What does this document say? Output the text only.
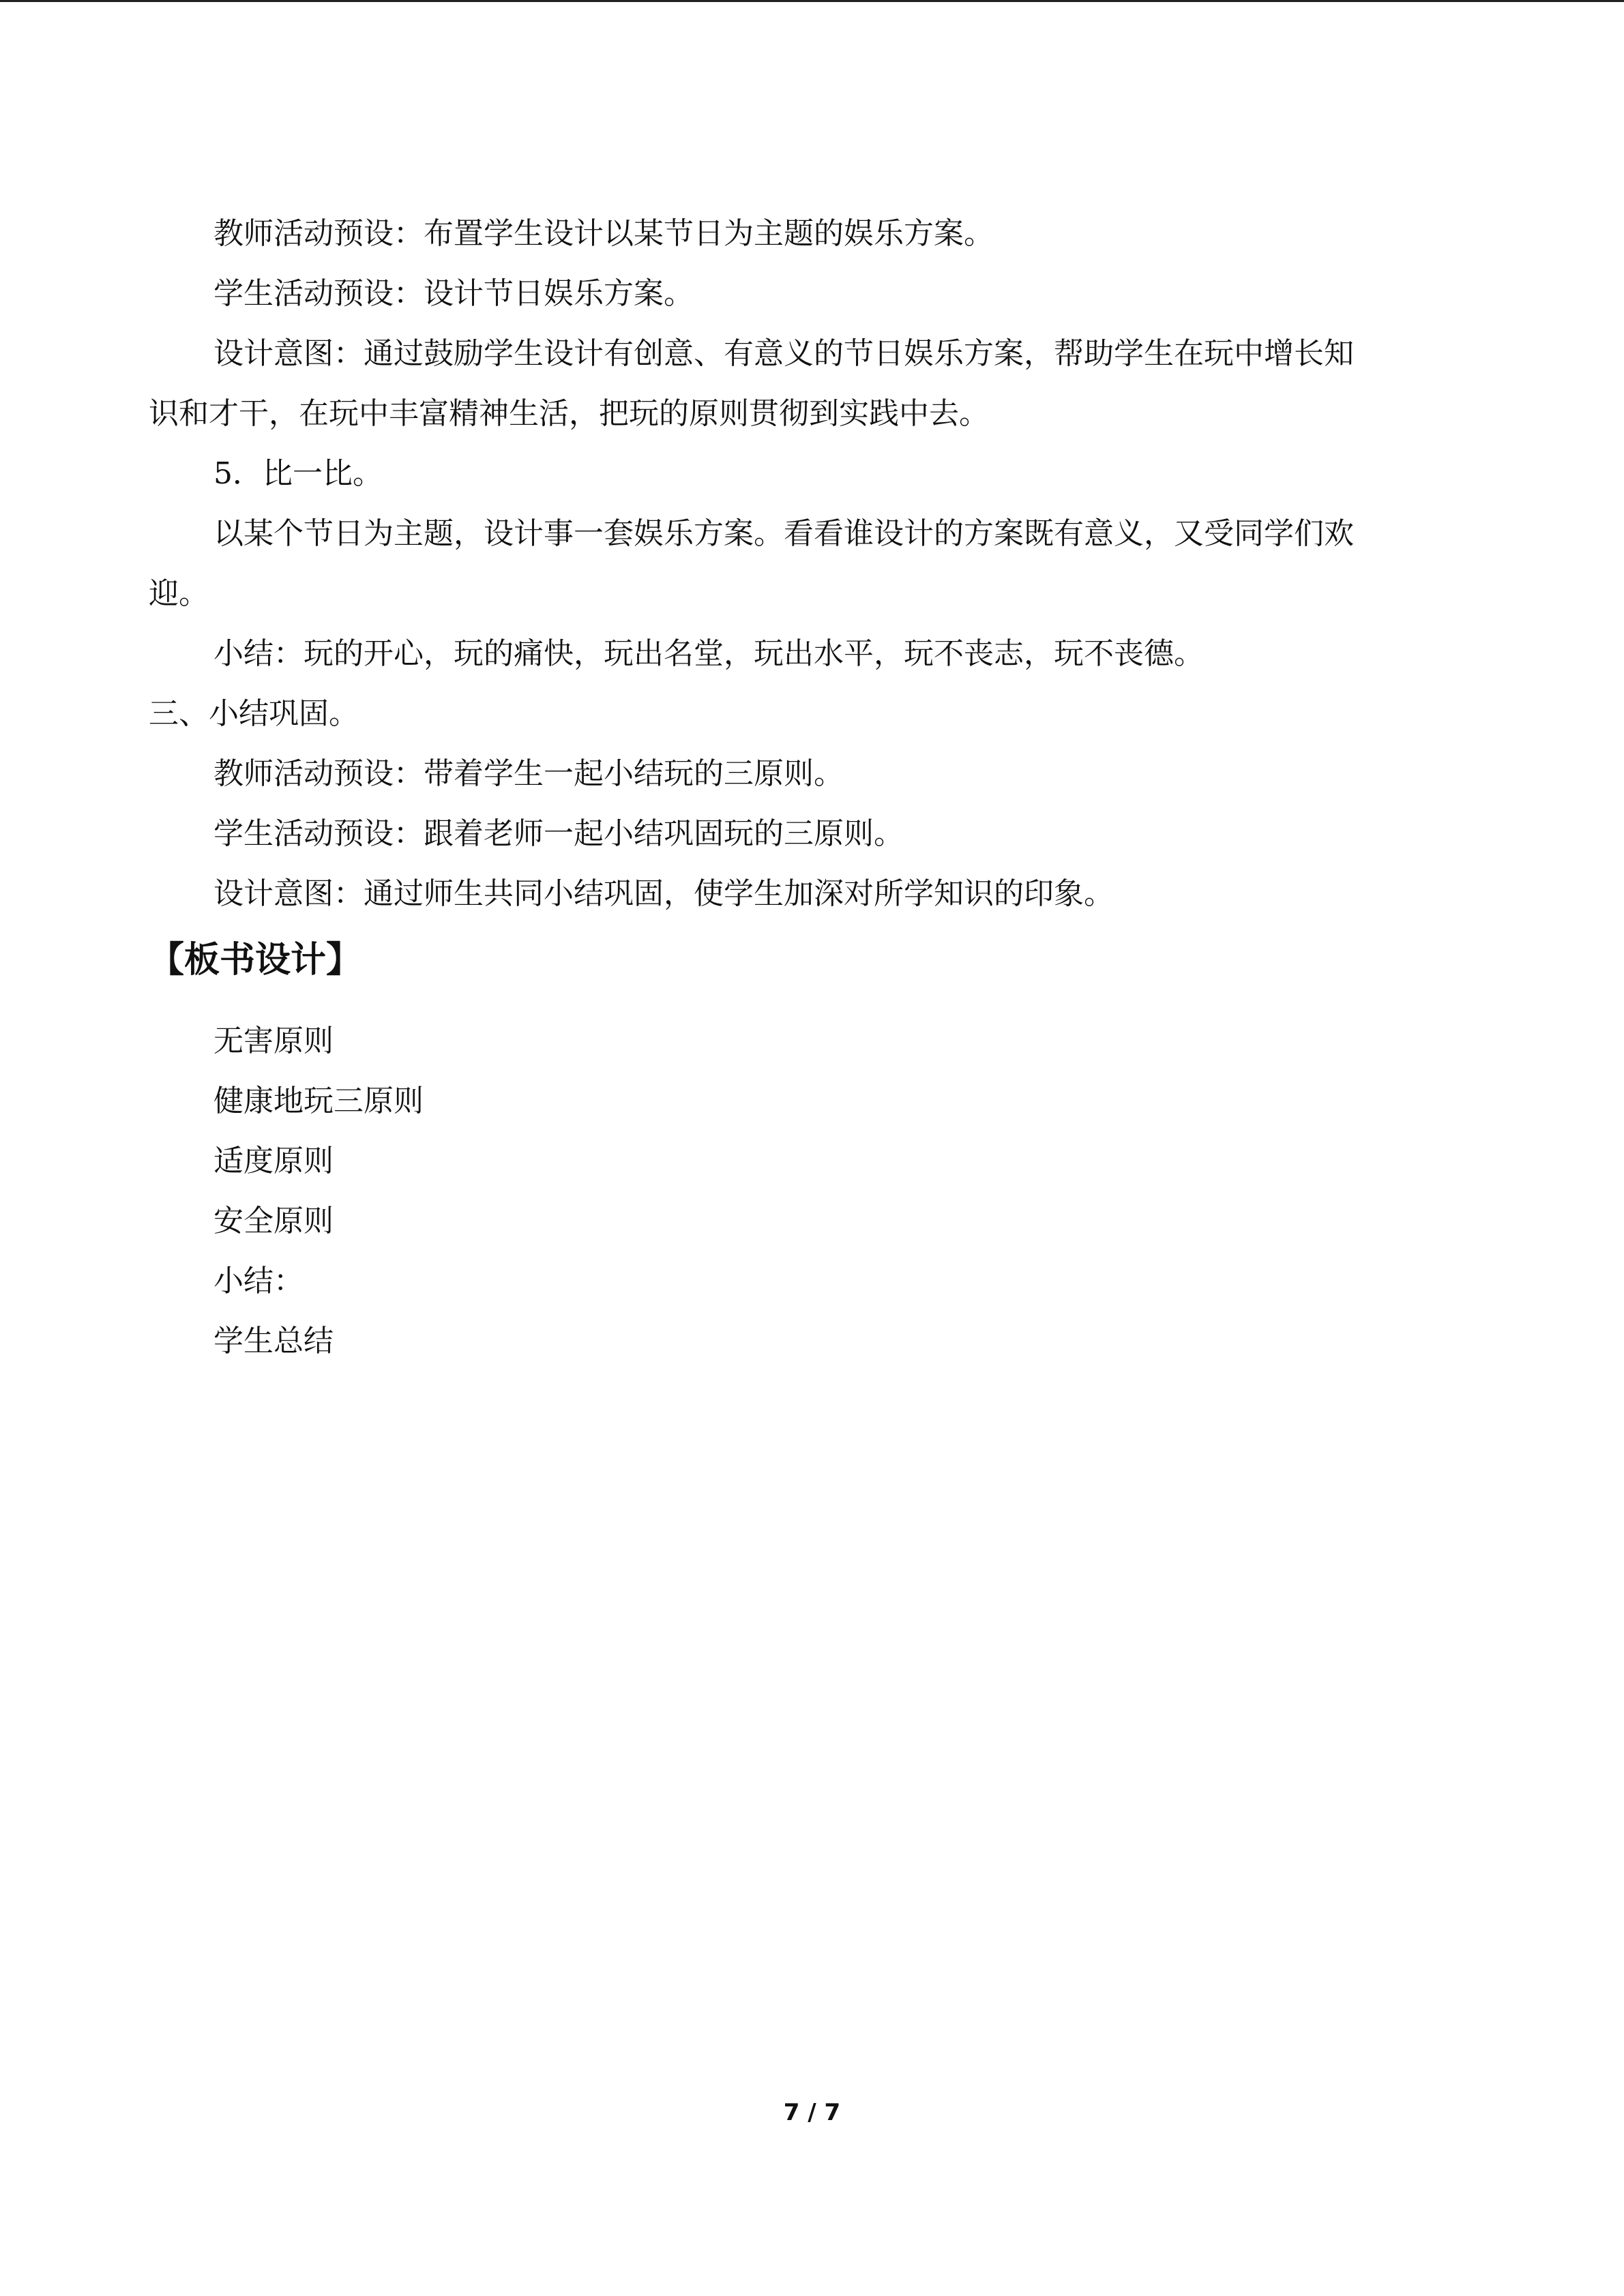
教师活动预设：布置学生设计以某节日为主题的娱乐方案。
学生活动预设：设计节日娱乐方案。
设计意图：通过鼓励学生设计有创意、有意义的节日娱乐方案，帮助学生在玩中增长知
识和才干，在玩中丰富精神生活，把玩的原则贯彻到实践中去。
5．比一比。
以某个节日为主题，设计事一套娱乐方案。看看谁设计的方案既有意义，又受同学们欢
迎。
小结：玩的开心，玩的痛快，玩出名堂，玩出水平，玩不丧志，玩不丧德。
三、小结巩固。
教师活动预设：带着学生一起小结玩的三原则。
学生活动预设：跟着老师一起小结巩固玩的三原则。
设计意图：通过师生共同小结巩固，使学生加深对所学知识的印象。
【板书设计】
无害原则
健康地玩三原则
适度原则
安全原则
小结：
学生总结
7 / 7
